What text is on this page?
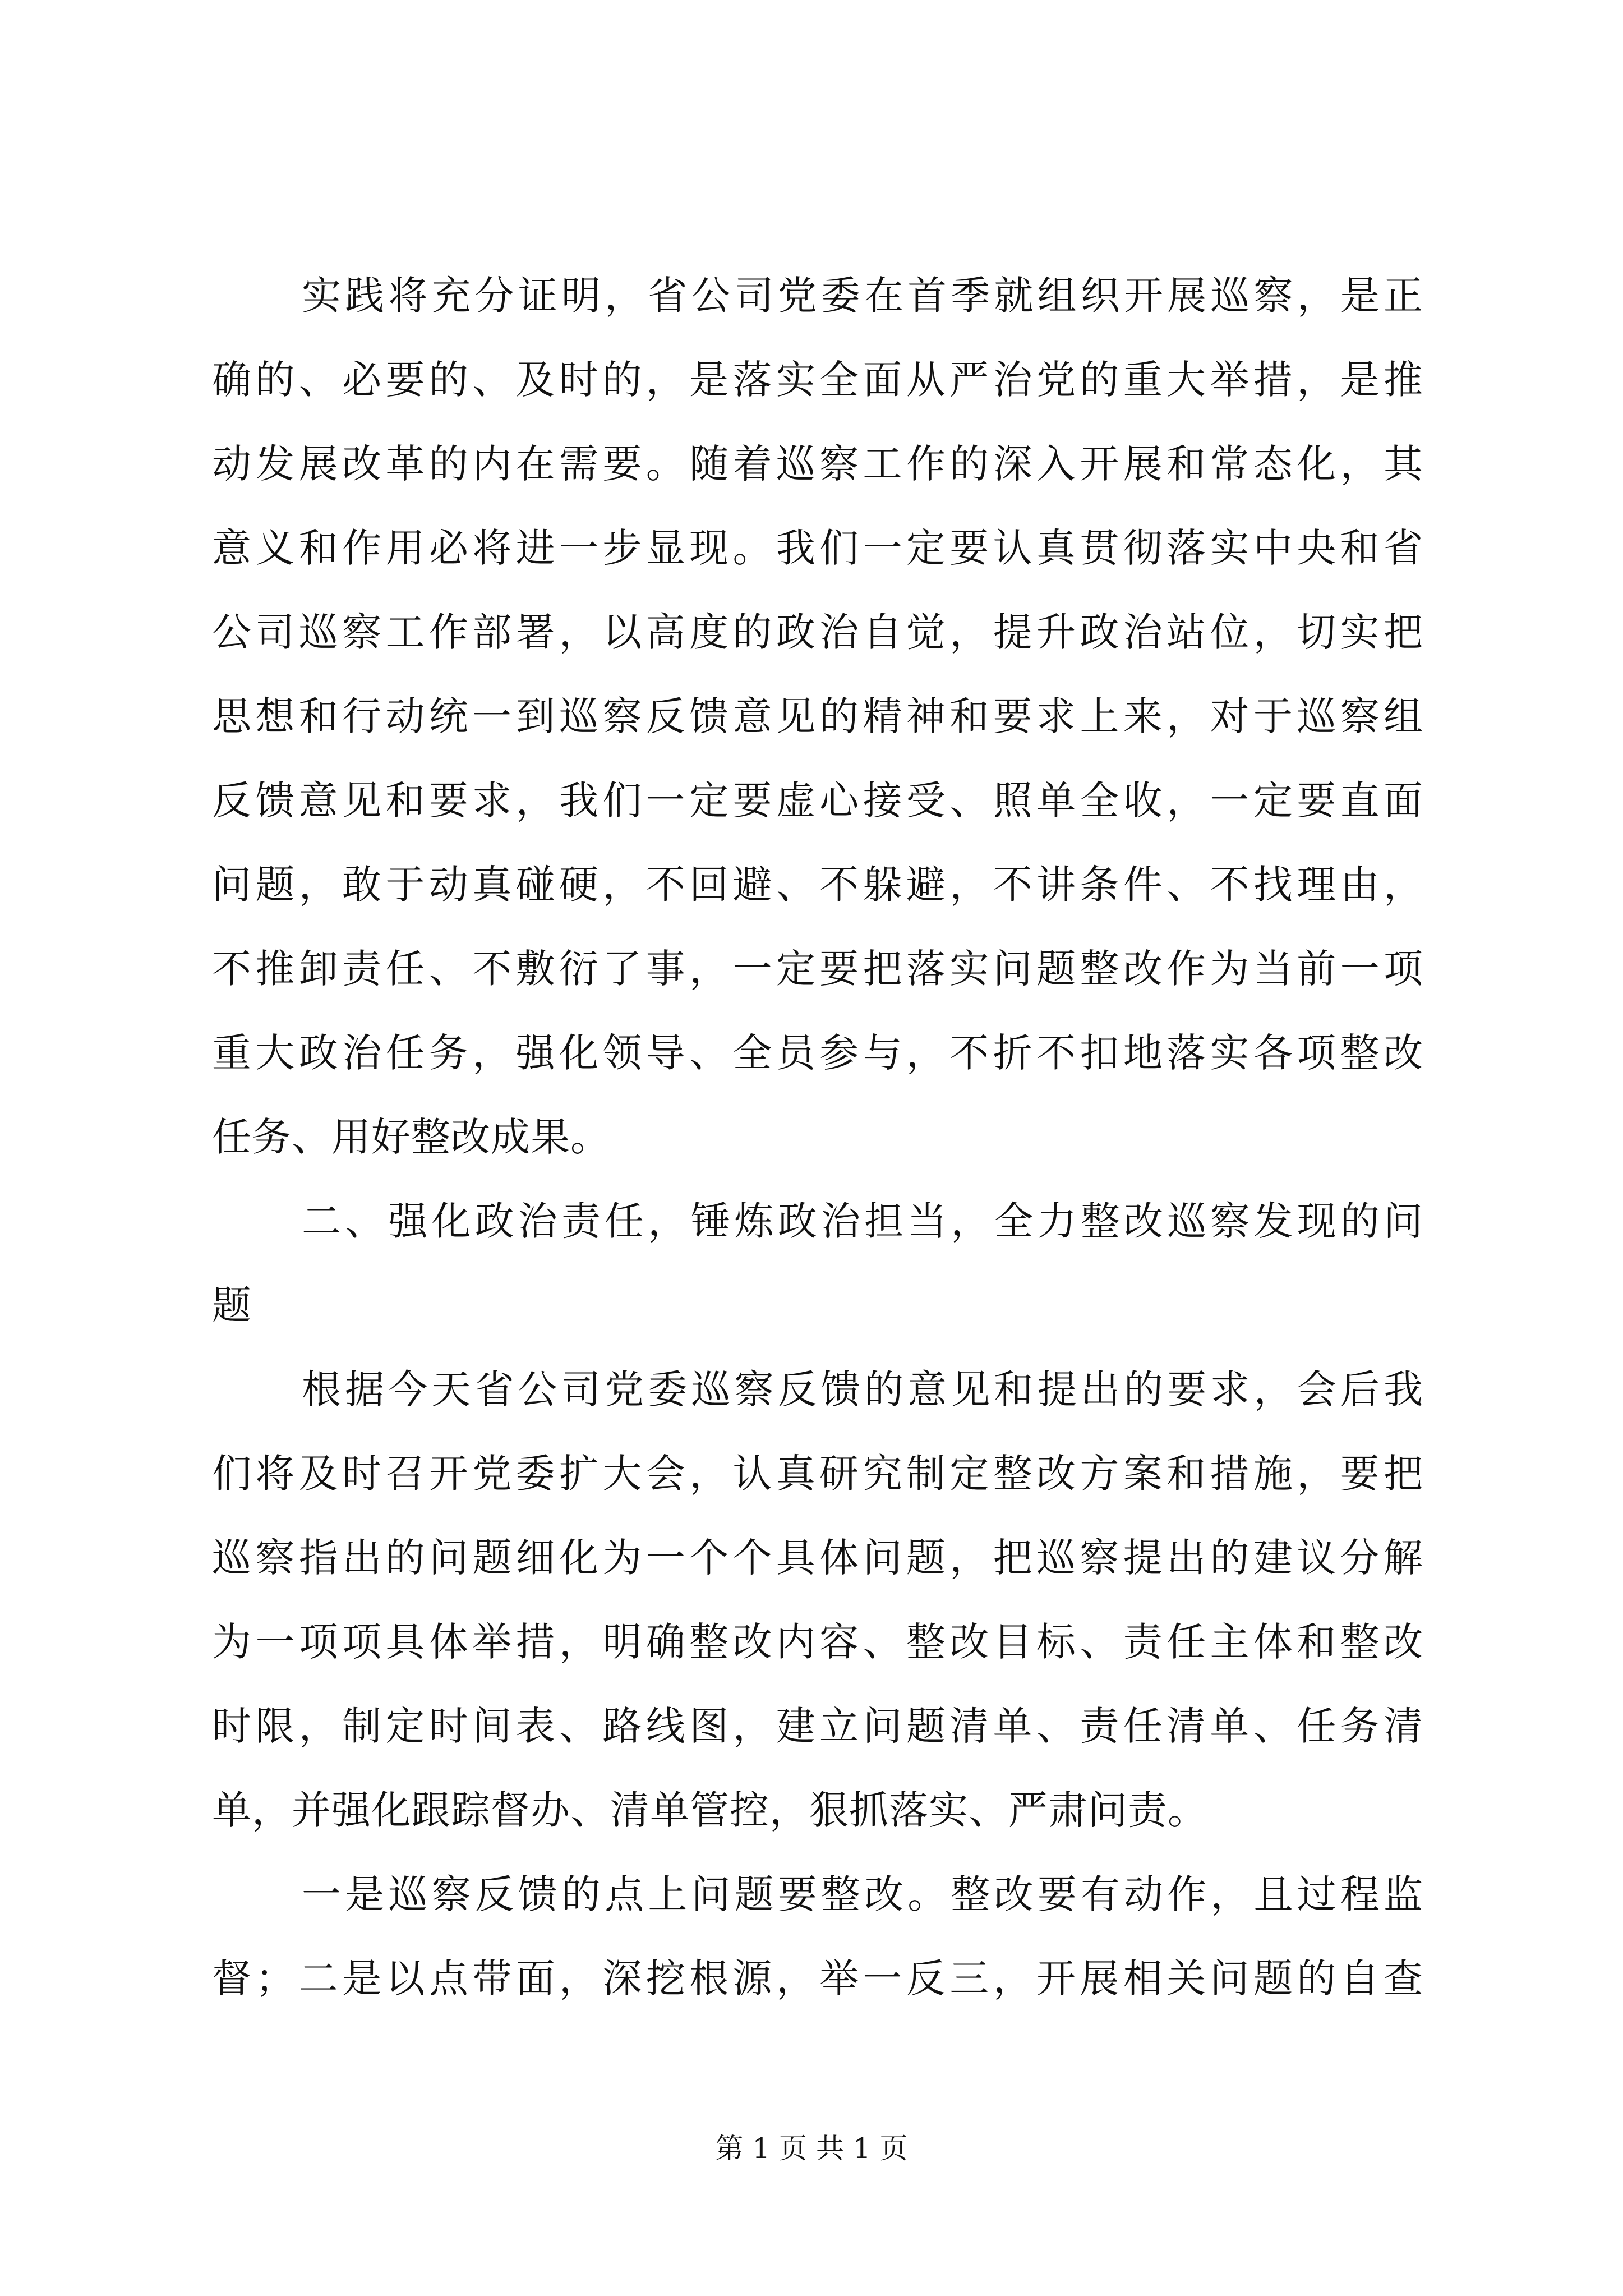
实践将充分证明，省公司党委在首季就组织开展巡察，是正
确的、必要的、及时的，是落实全面从严治党的重大举措，是推
动发展改革的内在需要。随着巡察工作的深入开展和常态化，其
意义和作用必将进一步显现。我们一定要认真贯彻落实中央和省
公司巡察工作部署，以高度的政治自觉，提升政治站位，切实把
思想和行动统一到巡察反馈意见的精神和要求上来，对于巡察组
反馈意见和要求，我们一定要虚心接受、照单全收，一定要直面
问题，敢于动真碰硬，不回避、不躲避，不讲条件、不找理由，
不推卸责任、不敷衍了事，一定要把落实问题整改作为当前一项
重大政治任务，强化领导、全员参与，不折不扣地落实各项整改
任务、用好整改成果。
二、强化政治责任，锤炼政治担当，全力整改巡察发现的问
题
根据今天省公司党委巡察反馈的意见和提出的要求，会后我
们将及时召开党委扩大会，认真研究制定整改方案和措施，要把
巡察指出的问题细化为一个个具体问题，把巡察提出的建议分解
为一项项具体举措，明确整改内容、整改目标、责任主体和整改
时限，制定时间表、路线图，建立问题清单、责任清单、任务清
单，并强化跟踪督办、清单管控，狠抓落实、严肃问责。
一是巡察反馈的点上问题要整改。整改要有动作，且过程监
督；二是以点带面，深挖根源，举一反三，开展相关问题的自查
第 1 页 共 1 页
